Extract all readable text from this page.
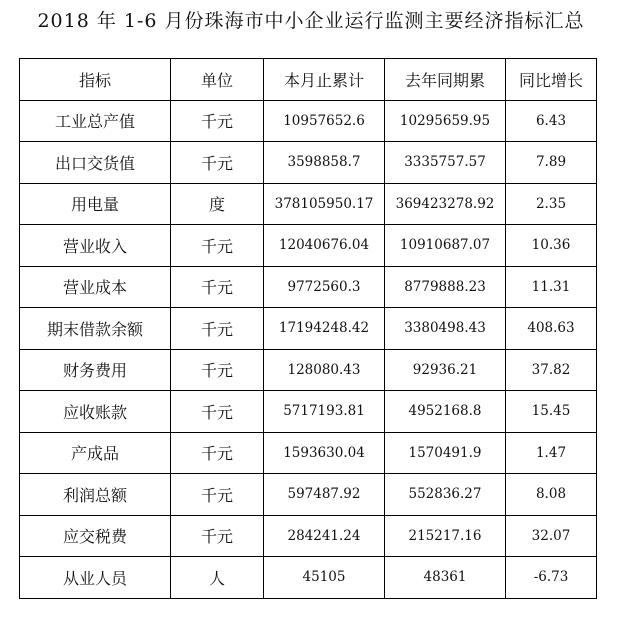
2018 年 1-6 月份珠海市中小企业运行监测主要经济指标汇总
指标	单位	本月止累计	去年同期累	同比增长
工业总产值	千元	10957652.6	10295659.95	6.43
出口交货值	千元	3598858.7	3335757.57	7.89
用电量	度	378105950.17	369423278.92	2.35
营业收入	千元	12040676.04	10910687.07	10.36
营业成本	千元	9772560.3	8779888.23	11.31
期末借款余额	千元	17194248.42	3380498.43	408.63
财务费用	千元	128080.43	92936.21	37.82
应收账款	千元	5717193.81	4952168.8	15.45
产成品	千元	1593630.04	1570491.9	1.47
利润总额	千元	597487.92	552836.27	8.08
应交税费	千元	284241.24	215217.16	32.07
从业人员	人	45105	48361	-6.73
